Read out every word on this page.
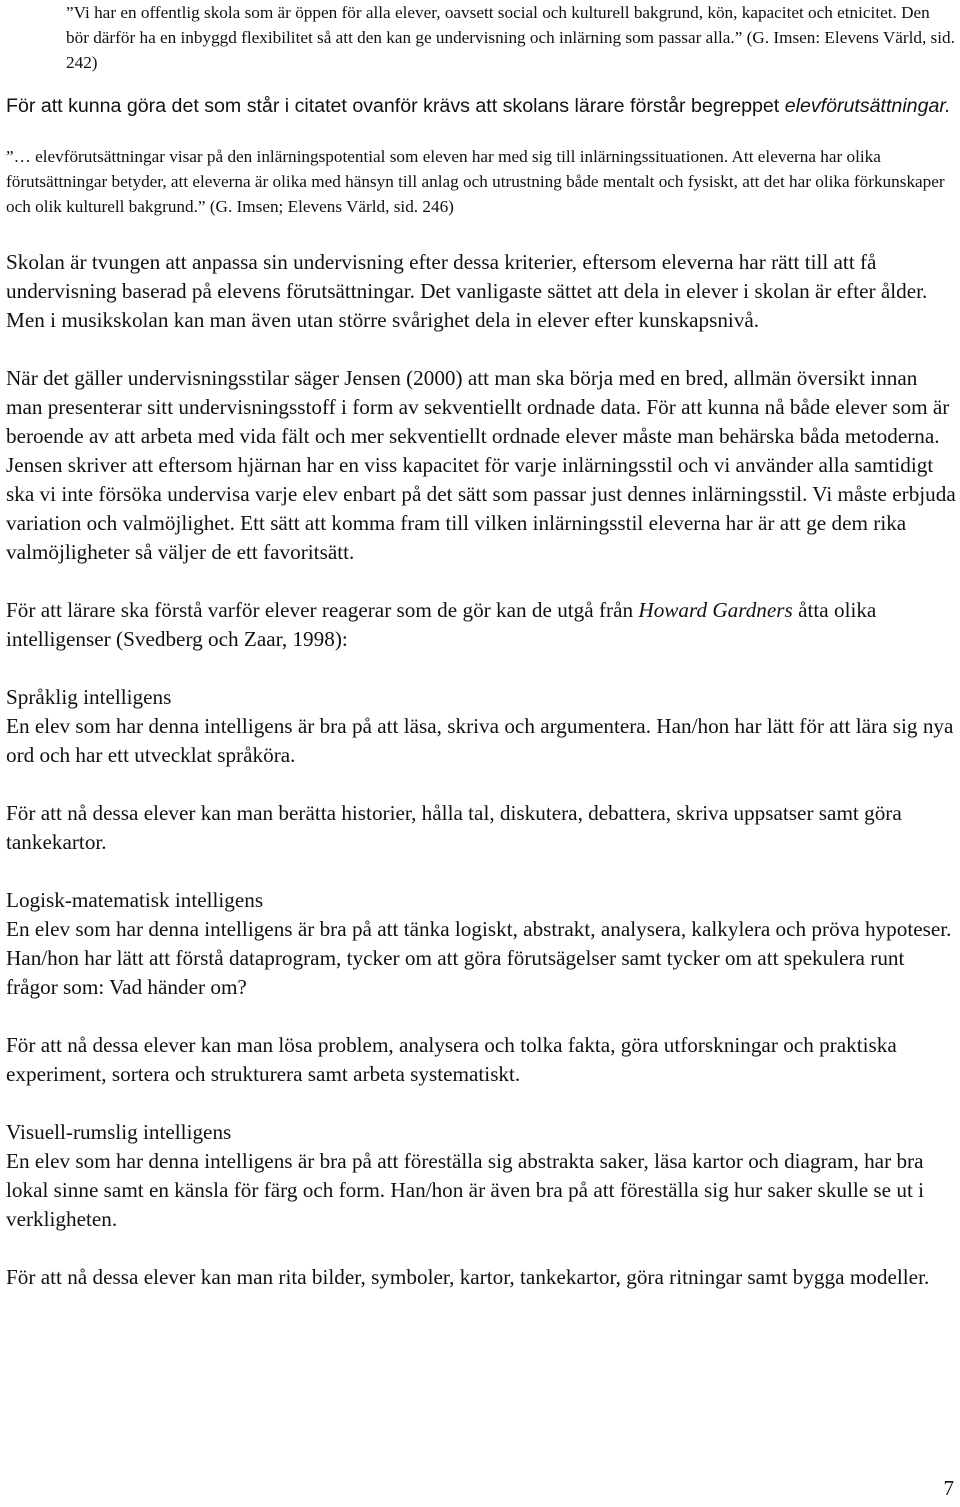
”Vi har en offentlig skola som är öppen för alla elever, oavsett social och kulturell bakgrund, kön, kapacitet och etnicitet. Den bör därför ha en inbyggd flexibilitet så att den kan ge undervisning och inlärning som passar alla.” (G. Imsen: Elevens Värld, sid. 242)

För att kunna göra det som står i citatet ovanför krävs att skolans lärare förstår begreppet elevförutsättningar.

”… elevförutsättningar visar på den inlärningspotential som eleven har med sig till inlärningssituationen. Att eleverna har olika förutsättningar betyder, att eleverna är olika med hänsyn till anlag och utrustning både mentalt och fysiskt, att det har olika förkunskaper och olik kulturell bakgrund.” (G. Imsen; Elevens Värld, sid. 246)

Skolan är tvungen att anpassa sin undervisning efter dessa kriterier, eftersom eleverna har rätt till att få undervisning baserad på elevens förutsättningar. Det vanligaste sättet att dela in elever i skolan är efter ålder. Men i musikskolan kan man även utan större svårighet dela in elever efter kunskapsnivå.

När det gäller undervisningsstilar säger Jensen (2000) att man ska börja med en bred, allmän översikt innan man presenterar sitt undervisningsstoff i form av sekventiellt ordnade data. För att kunna nå både elever som är beroende av att arbeta med vida fält och mer sekventiellt ordnade elever måste man behärska båda metoderna. Jensen skriver att eftersom hjärnan har en viss kapacitet för varje inlärningsstil och vi använder alla samtidigt ska vi inte försöka undervisa varje elev enbart på det sätt som passar just dennes inlärningsstil. Vi måste erbjuda variation och valmöjlighet. Ett sätt att komma fram till vilken inlärningsstil eleverna har är att ge dem rika valmöjligheter så väljer de ett favoritsätt.

För att lärare ska förstå varför elever reagerar som de gör kan de utgå från Howard Gardners åtta olika intelligenser (Svedberg och Zaar, 1998):

Språklig intelligens

En elev som har denna intelligens är bra på att läsa, skriva och argumentera. Han/hon har lätt för att lära sig nya ord och har ett utvecklat språköra.

För att nå dessa elever kan man berätta historier, hålla tal, diskutera, debattera, skriva uppsatser samt göra tankekartor.

Logisk-matematisk intelligens

En elev som har denna intelligens är bra på att tänka logiskt, abstrakt, analysera, kalkylera och pröva hypoteser. Han/hon har lätt att förstå dataprogram, tycker om att göra förutsägelser samt tycker om att spekulera runt frågor som: Vad händer om?

För att nå dessa elever kan man lösa problem, analysera och tolka fakta, göra utforskningar och praktiska experiment, sortera och strukturera samt arbeta systematiskt.

Visuell-rumslig intelligens

En elev som har denna intelligens är bra på att föreställa sig abstrakta saker, läsa kartor och diagram, har bra lokal sinne samt en känsla för färg och form. Han/hon är även bra på att föreställa sig hur saker skulle se ut i verkligheten.

För att nå dessa elever kan man rita bilder, symboler, kartor, tankekartor, göra ritningar samt bygga modeller.

7
